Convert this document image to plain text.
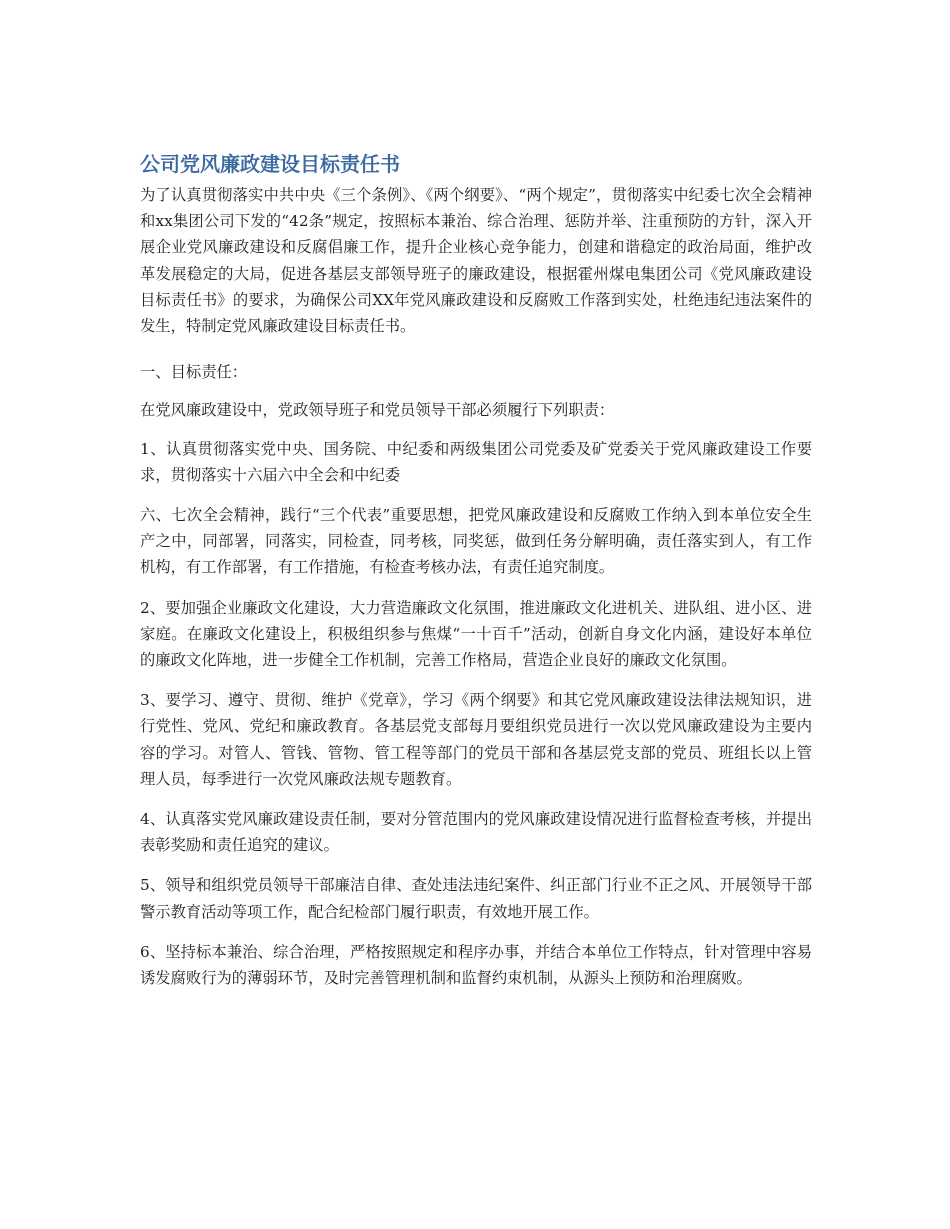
公司党风廉政建设目标责任书

为了认真贯彻落实中共中央《三个条例》、《两个纲要》、“两个规定”，贯彻落实中纪委七次全会精神和xx集团公司下发的“42条”规定，按照标本兼治、综合治理、惩防并举、注重预防的方针，深入开展企业党风廉政建设和反腐倡廉工作，提升企业核心竞争能力，创建和谐稳定的政治局面，维护改革发展稳定的大局，促进各基层支部领导班子的廉政建设，根据霍州煤电集团公司《党风廉政建设目标责任书》的要求，为确保公司XX年党风廉政建设和反腐败工作落到实处，杜绝违纪违法案件的发生，特制定党风廉政建设目标责任书。

一、目标责任：

在党风廉政建设中，党政领导班子和党员领导干部必须履行下列职责：

1、认真贯彻落实党中央、国务院、中纪委和两级集团公司党委及矿党委关于党风廉政建设工作要求，贯彻落实十六届六中全会和中纪委

六、七次全会精神，践行“三个代表”重要思想，把党风廉政建设和反腐败工作纳入到本单位安全生产之中，同部署，同落实，同检查，同考核，同奖惩，做到任务分解明确，责任落实到人，有工作机构，有工作部署，有工作措施，有检查考核办法，有责任追究制度。

2、要加强企业廉政文化建设，大力营造廉政文化氛围，推进廉政文化进机关、进队组、进小区、进家庭。在廉政文化建设上，积极组织参与焦煤“一十百千”活动，创新自身文化内涵，建设好本单位的廉政文化阵地，进一步健全工作机制，完善工作格局，营造企业良好的廉政文化氛围。

3、要学习、遵守、贯彻、维护《党章》，学习《两个纲要》和其它党风廉政建设法律法规知识，进行党性、党风、党纪和廉政教育。各基层党支部每月要组织党员进行一次以党风廉政建设为主要内容的学习。对管人、管钱、管物、管工程等部门的党员干部和各基层党支部的党员、班组长以上管理人员，每季进行一次党风廉政法规专题教育。

4、认真落实党风廉政建设责任制，要对分管范围内的党风廉政建设情况进行监督检查考核，并提出表彰奖励和责任追究的建议。

5、领导和组织党员领导干部廉洁自律、查处违法违纪案件、纠正部门行业不正之风、开展领导干部警示教育活动等项工作，配合纪检部门履行职责，有效地开展工作。

6、坚持标本兼治、综合治理，严格按照规定和程序办事，并结合本单位工作特点，针对管理中容易诱发腐败行为的薄弱环节，及时完善管理机制和监督约束机制，从源头上预防和治理腐败。
